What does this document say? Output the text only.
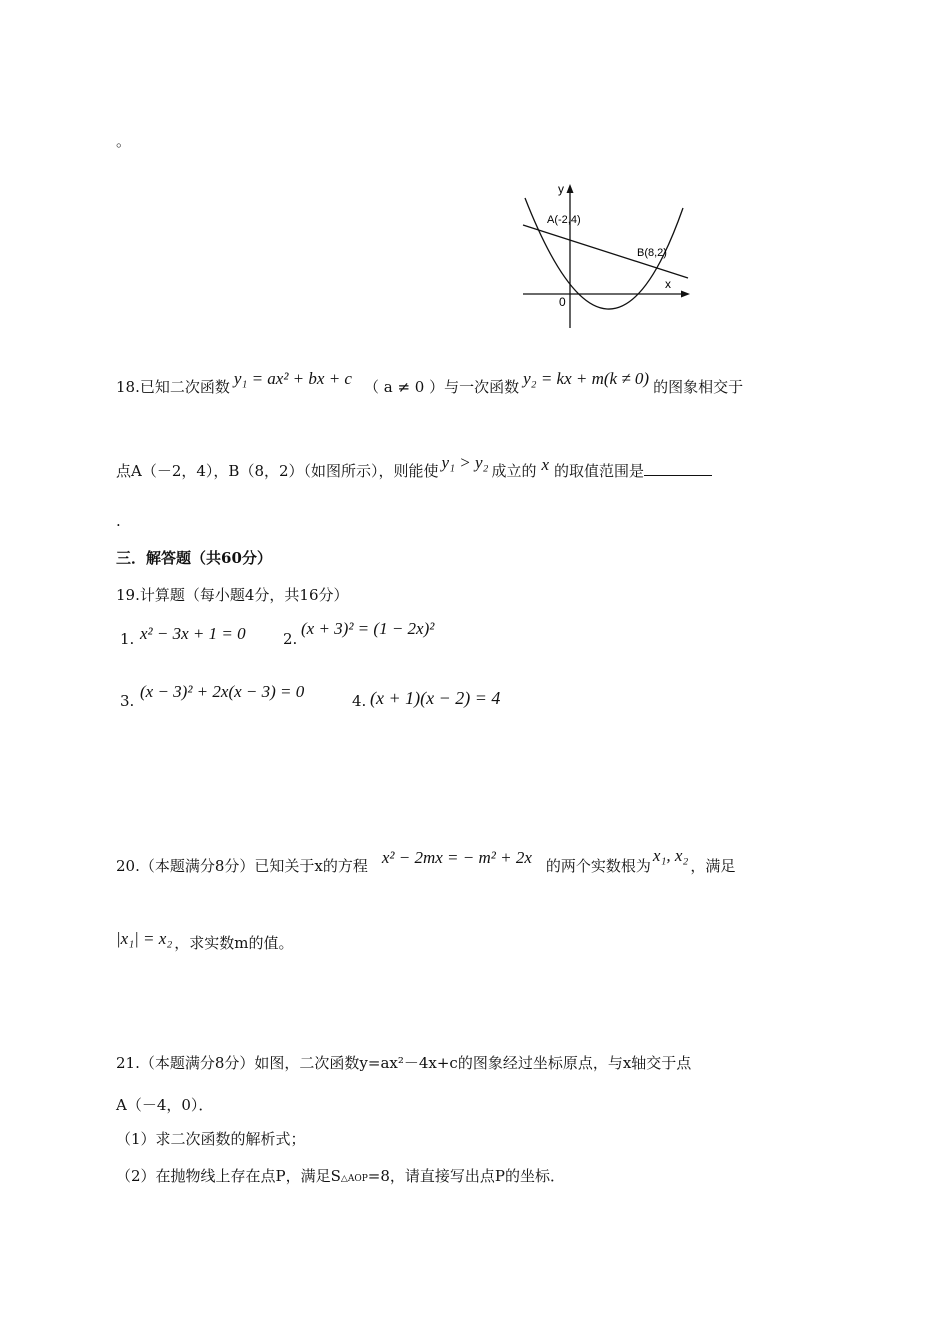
。
y
x
0
A(-2,4)
B(8,2)
18.已知二次函数 y₁ = ax² + bx + c （ a ≠ 0 ）与一次函数 y₂ = kx + m(k ≠ 0) 的图象相交于
点A（－2，4），B（8，2）（如图所示），则能使 y₁ > y₂ 成立的 x 的取值范围是
.
三．解答题（共60分）
19.计算题（每小题4分，共16分）
1. x² − 3x + 1 = 0 2.
(x + 3)² = (1 − 2x)²
3. (x − 3)² + 2x(x − 3) = 0	4. (x + 1)(x − 2) = 4
20.（本题满分8分）已知关于x的方程 x² − 2mx = − m² + 2x 的两个实数根为x₁, x₂，满足
|x₁| = x₂ ，求实数m的值。
21.（本题满分8分）如图，二次函数y=ax²－4x+c的图象经过坐标原点，与x轴交于点
A（－4，0）．
（1）求二次函数的解析式；
（2）在抛物线上存在点P，满足S△AOP=8，请直接写出点P的坐标．
